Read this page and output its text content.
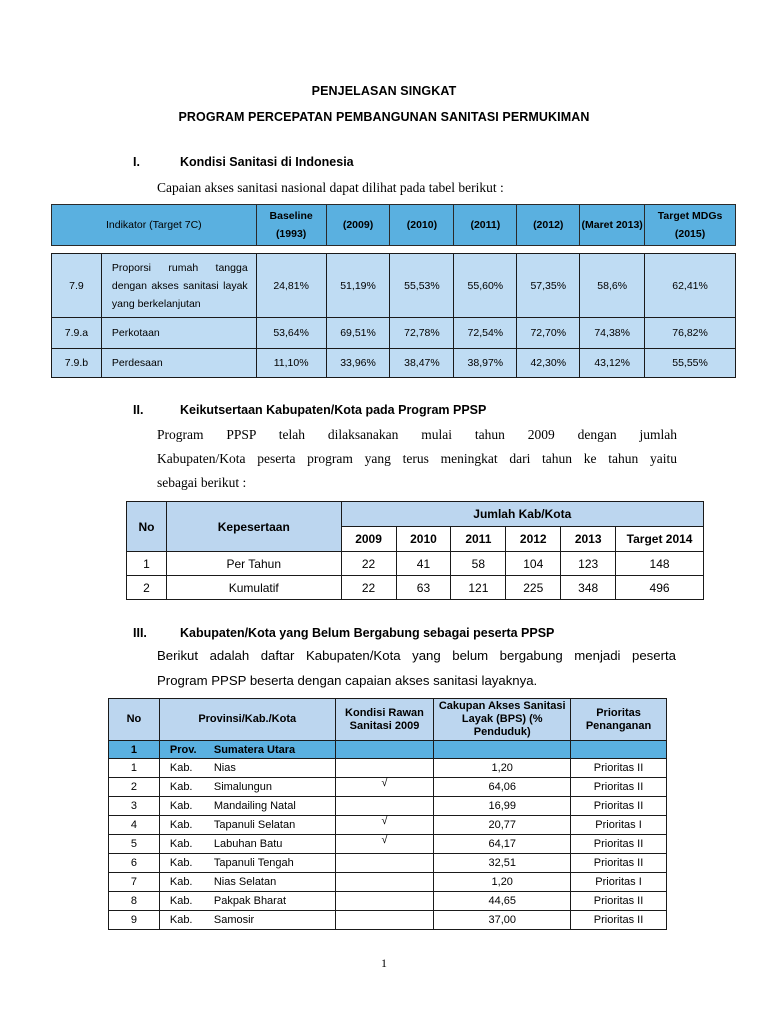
PENJELASAN SINGKAT
PROGRAM PERCEPATAN PEMBANGUNAN SANITASI PERMUKIMAN
I.	Kondisi Sanitasi di Indonesia
Capaian akses sanitasi nasional dapat dilihat pada tabel berikut :
Indikator (Target 7C)		Baseline (1993)	(2009)	(2010)	(2011)	(2012)	(Maret 2013)	Target MDGs (2015)

7.9	Proporsi rumah tangga dengan akses sanitasi layak yang berkelanjutan	24,81%	51,19%	55,53%	55,60%	57,35%	58,6%	62,41%
7.9.a	Perkotaan	53,64%	69,51%	72,78%	72,54%	72,70%	74,38%	76,82%
7.9.b	Perdesaan	11,10%	33,96%	38,47%	38,97%	42,30%	43,12%	55,55%
II.	Keikutsertaan Kabupaten/Kota pada Program PPSP
Program PPSP telah dilaksanakan mulai tahun 2009 dengan jumlah
Kabupaten/Kota peserta program yang terus meningkat dari tahun ke tahun yaitu
sebagai berikut :
No	Kepesertaan	Jumlah Kab/Kota					
		2009	2010	2011	2012	2013	Target 2014
1	Per Tahun	22	41	58	104	123	148
2	Kumulatif	22	63	121	225	348	496
III.	Kabupaten/Kota yang Belum Bergabung sebagai peserta PPSP
Berikut adalah daftar Kabupaten/Kota yang belum bergabung menjadi peserta
Program PPSP beserta dengan capaian akses sanitasi layaknya.
No	Provinsi/Kab./Kota	Kondisi Rawan Sanitasi 2009	Cakupan Akses Sanitasi Layak (BPS) (% Penduduk)	Prioritas Penanganan
1	Prov. Sumatera Utara			
1	Kab. Nias		1,20	Prioritas II
2	Kab. Simalungun	√	64,06	Prioritas II
3	Kab. Mandailing Natal		16,99	Prioritas II
4	Kab. Tapanuli Selatan	√	20,77	Prioritas I
5	Kab. Labuhan Batu	√	64,17	Prioritas II
6	Kab. Tapanuli Tengah		32,51	Prioritas II
7	Kab. Nias Selatan		1,20	Prioritas I
8	Kab. Pakpak Bharat		44,65	Prioritas II
9	Kab. Samosir		37,00	Prioritas II
1
